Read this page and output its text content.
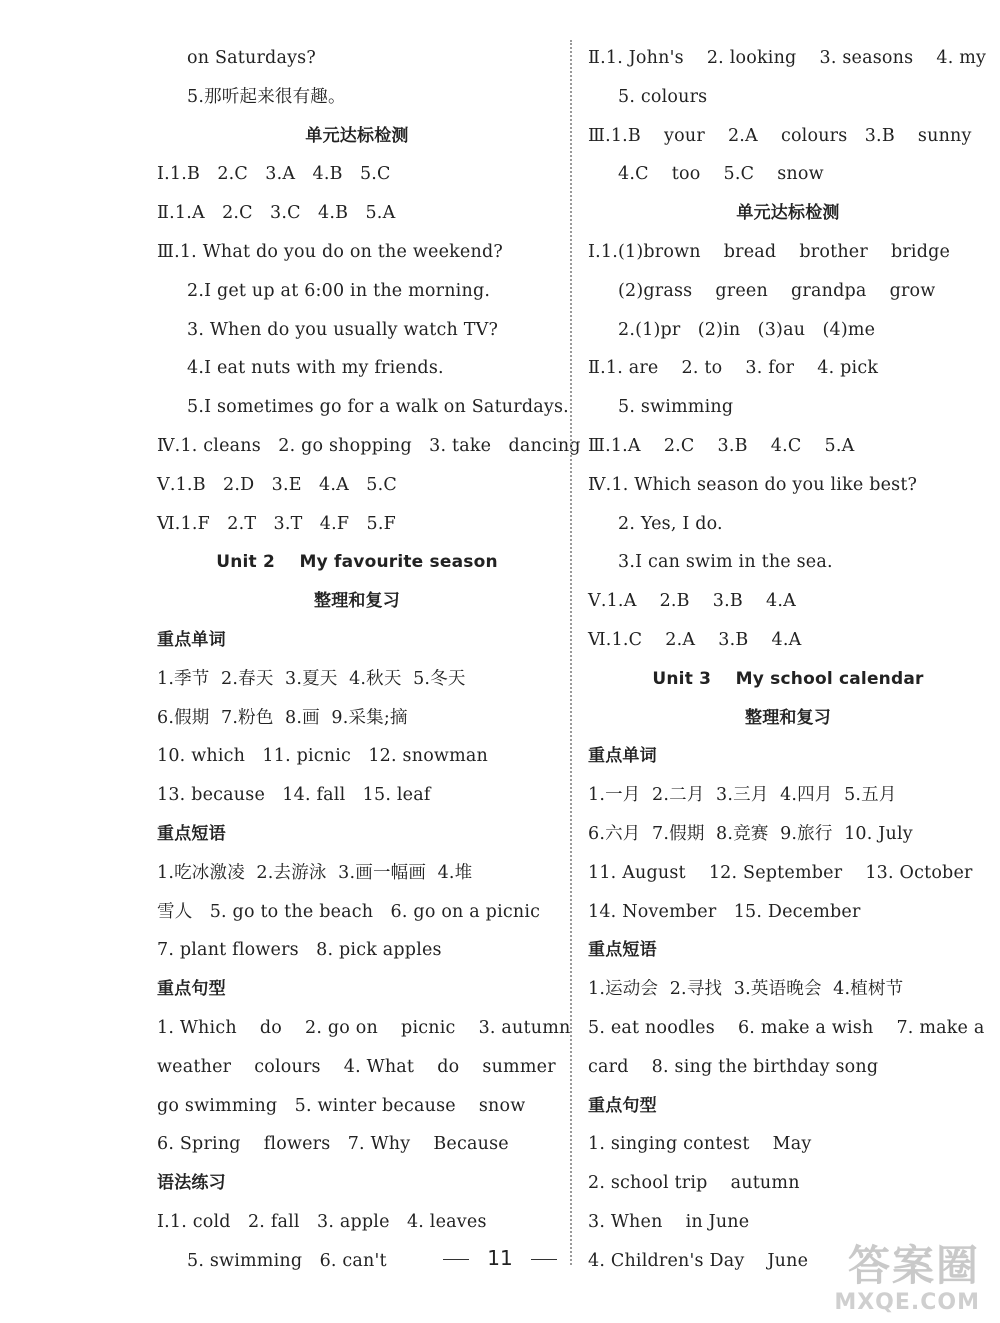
on Saturdays?
5.那听起来很有趣。
单元达标检测
Ⅰ.1.B   2.C   3.A   4.B   5.C
Ⅱ.1.A   2.C   3.C   4.B   5.A
Ⅲ.1. What do you do on the weekend?
2.I get up at 6:00 in the morning.
3. When do you usually watch TV?
4.I eat nuts with my friends.
5.I sometimes go for a walk on Saturdays.
Ⅳ.1. cleans   2. go shopping   3. take   dancing
Ⅴ.1.B   2.D   3.E   4.A   5.C
Ⅵ.1.F   2.T   3.T   4.F   5.F
Unit 2    My favourite season
整理和复习
重点单词
1.季节  2.春天  3.夏天  4.秋天  5.冬天
6.假期  7.粉色  8.画  9.采集;摘
10. which   11. picnic   12. snowman
13. because   14. fall   15. leaf
重点短语
1.吃冰激凌  2.去游泳  3.画一幅画  4.堆
雪人   5. go to the beach   6. go on a picnic
7. plant flowers   8. pick apples
重点句型
1. Which    do    2. go on    picnic    3. autumn
weather    colours    4. What    do    summer
go swimming   5. winter because    snow
6. Spring    flowers   7. Why    Because
语法练习
Ⅰ.1. cold   2. fall   3. apple   4. leaves
5. swimming   6. can't
Ⅱ.1. John's    2. looking    3. seasons    4. my
5. colours
Ⅲ.1.B    your    2.A    colours   3.B    sunny
4.C    too    5.C    snow
单元达标检测
Ⅰ.1.(1)brown    bread    brother    bridge
(2)grass    green    grandpa    grow
2.(1)pr   (2)in   (3)au   (4)me
Ⅱ.1. are    2. to    3. for    4. pick
5. swimming
Ⅲ.1.A    2.C    3.B    4.C    5.A
Ⅳ.1. Which season do you like best?
2. Yes, I do.
3.I can swim in the sea.
Ⅴ.1.A    2.B    3.B    4.A
Ⅵ.1.C    2.A    3.B    4.A
Unit 3    My school calendar
整理和复习
重点单词
1.一月  2.二月  3.三月  4.四月  5.五月
6.六月  7.假期  8.竞赛  9.旅行  10. July
11. August    12. September    13. October
14. November   15. December
重点短语
1.运动会  2.寻找  3.英语晚会  4.植树节
5. eat noodles    6. make a wish    7. make a
card    8. sing the birthday song
重点句型
1. singing contest    May
2. school trip    autumn
3. When    in June
4. Children's Day    June
11	答案圈
MXQE.COM
